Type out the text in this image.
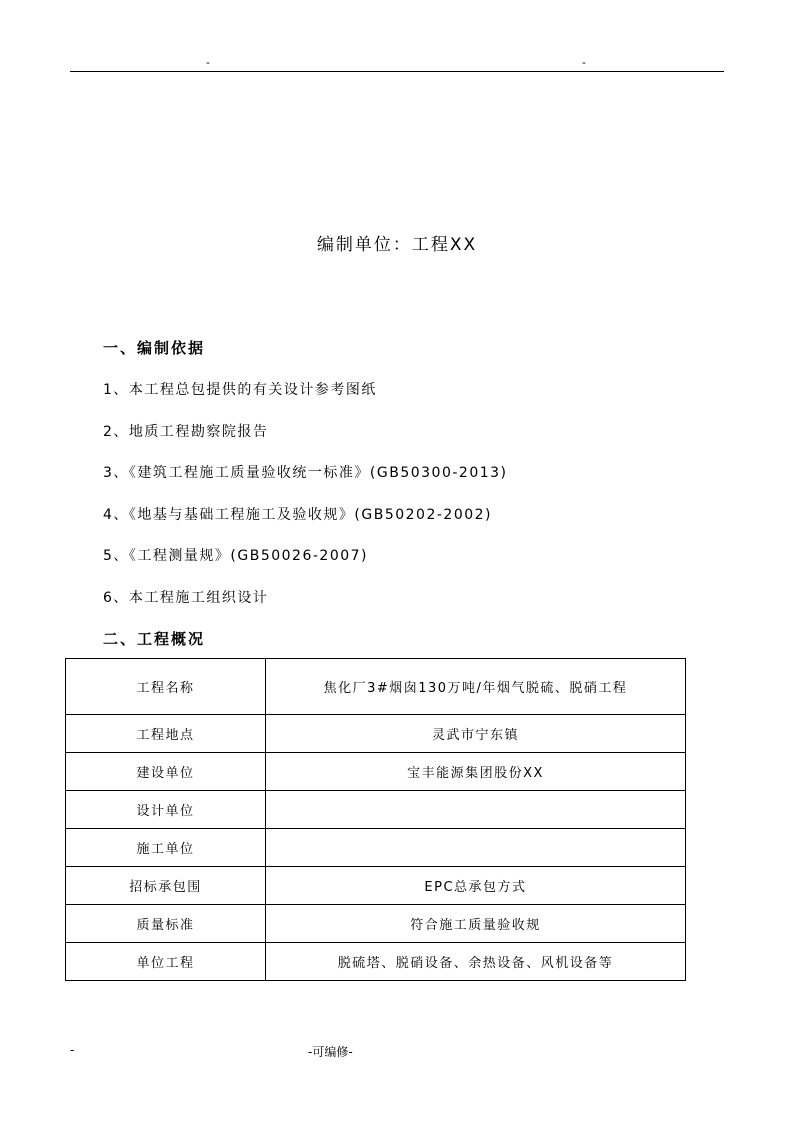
-	-
编制单位：工程XX
一、编制依据
1、本工程总包提供的有关设计参考图纸
2、地质工程勘察院报告
3、《建筑工程施工质量验收统一标准》(GB50300-2013)
4、《地基与基础工程施工及验收规》(GB50202-2002)
5、《工程测量规》(GB50026-2007)
6、本工程施工组织设计
二、工程概况
工程名称	焦化厂3#烟囱130万吨/年烟气脱硫、脱硝工程
工程地点	灵武市宁东镇
建设单位	宝丰能源集团股份XX
设计单位	
施工单位	
招标承包围	EPC总承包方式
质量标准	符合施工质量验收规
单位工程	脱硫塔、脱硝设备、余热设备、风机设备等
-	-可编修-
